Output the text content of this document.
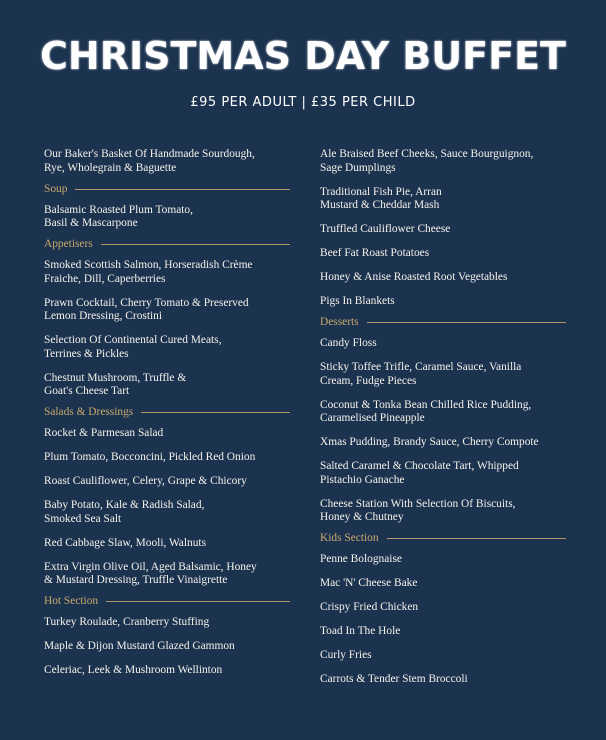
CHRISTMAS DAY BUFFET
£95 PER ADULT | £35 PER CHILD
Our Baker's Basket Of Handmade Sourdough,
Rye, Wholegrain & Baguette
Soup
Balsamic Roasted Plum Tomato,
Basil & Mascarpone
Appetisers
Smoked Scottish Salmon, Horseradish Crème
Fraiche, Dill, Caperberries
Prawn Cocktail, Cherry Tomato & Preserved
Lemon Dressing, Crostini
Selection Of Continental Cured Meats,
Terrines & Pickles
Chestnut Mushroom, Truffle &
Goat's Cheese Tart
Salads & Dressings
Rocket & Parmesan Salad
Plum Tomato, Bocconcini, Pickled Red Onion
Roast Cauliflower, Celery, Grape & Chicory
Baby Potato, Kale & Radish Salad,
Smoked Sea Salt
Red Cabbage Slaw, Mooli, Walnuts
Extra Virgin Olive Oil, Aged Balsamic, Honey
& Mustard Dressing, Truffle Vinaigrette
Hot Section
Turkey Roulade, Cranberry Stuffing
Maple & Dijon Mustard Glazed Gammon
Celeriac, Leek & Mushroom Wellinton
Ale Braised Beef Cheeks, Sauce Bourguignon,
Sage Dumplings
Traditional Fish Pie, Arran
Mustard & Cheddar Mash
Truffled Cauliflower Cheese
Beef Fat Roast Potatoes
Honey & Anise Roasted Root Vegetables
Pigs In Blankets
Desserts
Candy Floss
Sticky Toffee Trifle, Caramel Sauce, Vanilla
Cream, Fudge Pieces
Coconut & Tonka Bean Chilled Rice Pudding,
Caramelised Pineapple
Xmas Pudding, Brandy Sauce, Cherry Compote
Salted Caramel & Chocolate Tart, Whipped
Pistachio Ganache
Cheese Station With Selection Of Biscuits,
Honey & Chutney
Kids Section
Penne Bolognaise
Mac 'N' Cheese Bake
Crispy Fried Chicken
Toad In The Hole
Curly Fries
Carrots & Tender Stem Broccoli
